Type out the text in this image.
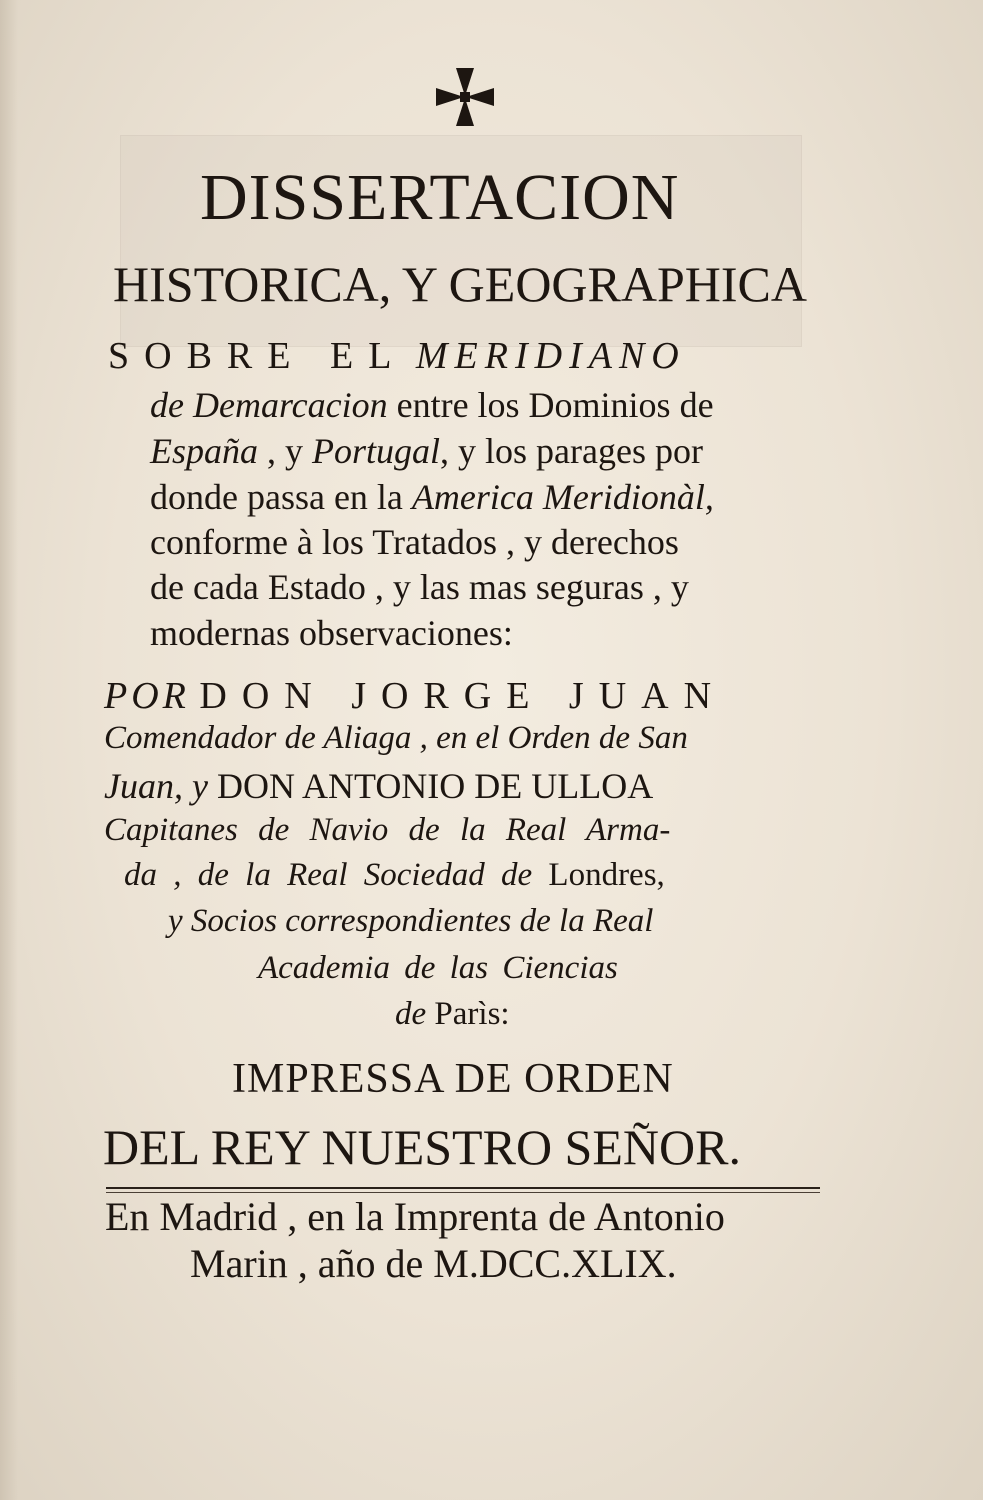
DISSERTACION
HISTORICA, Y GEOGRAPHICA
SOBRE EL MERIDIANO
de Demarcacion entre los Dominios de
España , y Portugal, y los parages por
donde passa en la America Meridionàl,
conforme à los Tratados , y derechos
de cada Estado , y las mas seguras , y
modernas observaciones:
POR DON JORGE JUAN
Comendador de Aliaga , en el Orden de San
Juan, y DON ANTONIO DE ULLOA
Capitanes de Navio de la Real Arma-
da , de la Real Sociedad de Londres,
y Socios correspondientes de la Real
Academia de las Ciencias
de Parìs:
IMPRESSA DE ORDEN
DEL REY NUESTRO SEÑOR.
En Madrid , en la Imprenta de Antonio
Marin , año de M.DCC.XLIX.
